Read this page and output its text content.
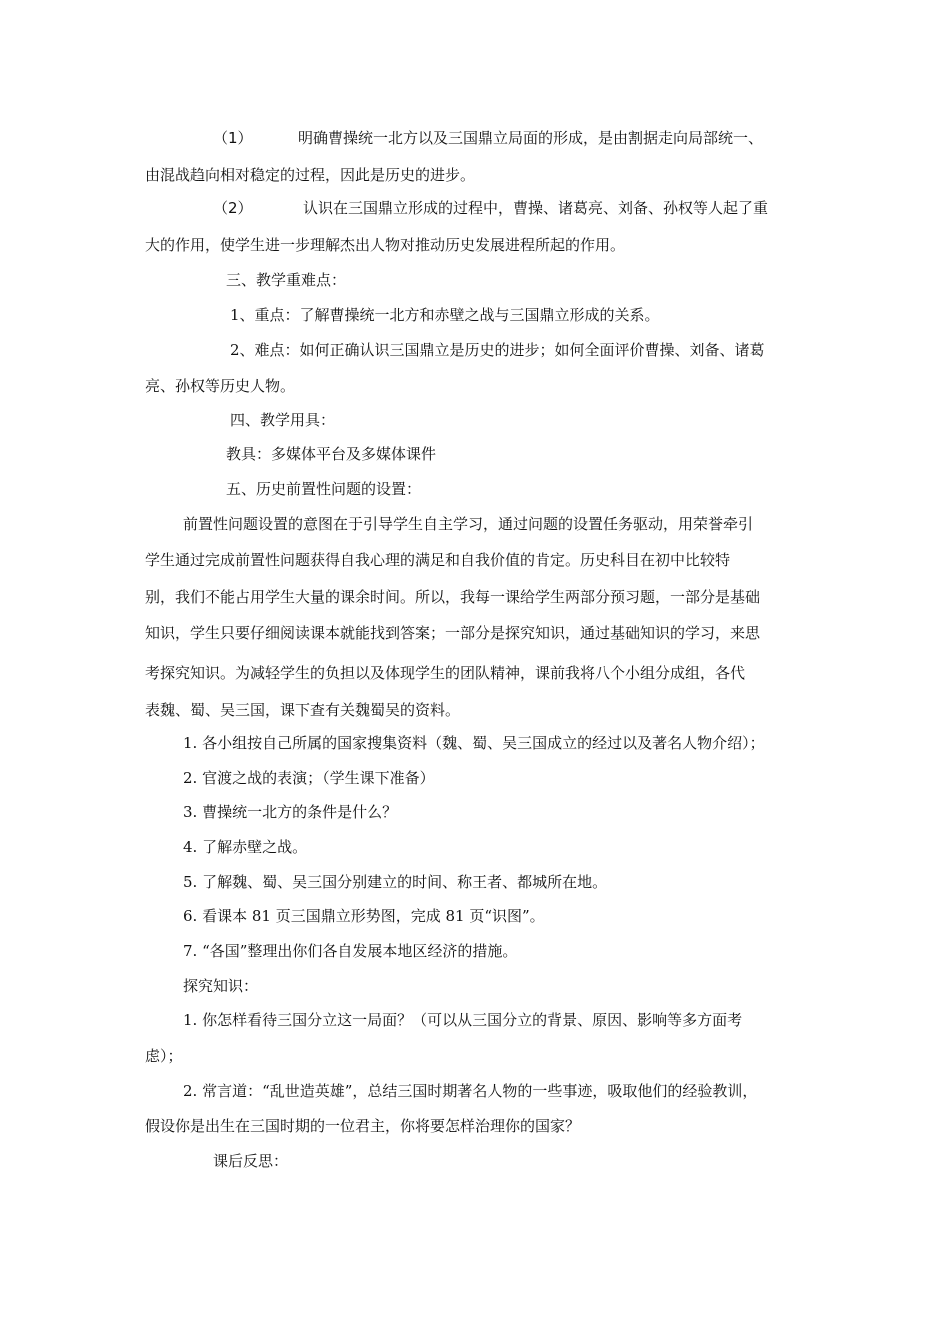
（1）	明确曹操统一北方以及三国鼎立局面的形成，是由割据走向局部统一、
由混战趋向相对稳定的过程，因此是历史的进步。
（2）	认识在三国鼎立形成的过程中，曹操、诸葛亮、刘备、孙权等人起了重
大的作用，使学生进一步理解杰出人物对推动历史发展进程所起的作用。
三、教学重难点：
1、重点：了解曹操统一北方和赤壁之战与三国鼎立形成的关系。
2、难点：如何正确认识三国鼎立是历史的进步；如何全面评价曹操、刘备、诸葛
亮、孙权等历史人物。
四、教学用具：
教具：多媒体平台及多媒体课件
五、历史前置性问题的设置：
前置性问题设置的意图在于引导学生自主学习，通过问题的设置任务驱动，用荣誉牵引
学生通过完成前置性问题获得自我心理的满足和自我价值的肯定。历史科目在初中比较特
别，我们不能占用学生大量的课余时间。所以，我每一课给学生两部分预习题，一部分是基础
知识，学生只要仔细阅读课本就能找到答案；一部分是探究知识，通过基础知识的学习，来思
考探究知识。为减轻学生的负担以及体现学生的团队精神，课前我将八个小组分成组，各代
表魏、蜀、吴三国，课下查有关魏蜀吴的资料。
1. 各小组按自己所属的国家搜集资料（魏、蜀、吴三国成立的经过以及著名人物介绍）；
2. 官渡之战的表演；（学生课下准备）
3. 曹操统一北方的条件是什么？
4. 了解赤壁之战。
5. 了解魏、蜀、吴三国分别建立的时间、称王者、都城所在地。
6. 看课本 81 页三国鼎立形势图，完成 81 页“识图”。
7. “各国”整理出你们各自发展本地区经济的措施。
探究知识：
1. 你怎样看待三国分立这一局面？（可以从三国分立的背景、原因、影响等多方面考
虑）；
2. 常言道：“乱世造英雄”，总结三国时期著名人物的一些事迹，吸取他们的经验教训，
假设你是出生在三国时期的一位君主，你将要怎样治理你的国家？
课后反思：
